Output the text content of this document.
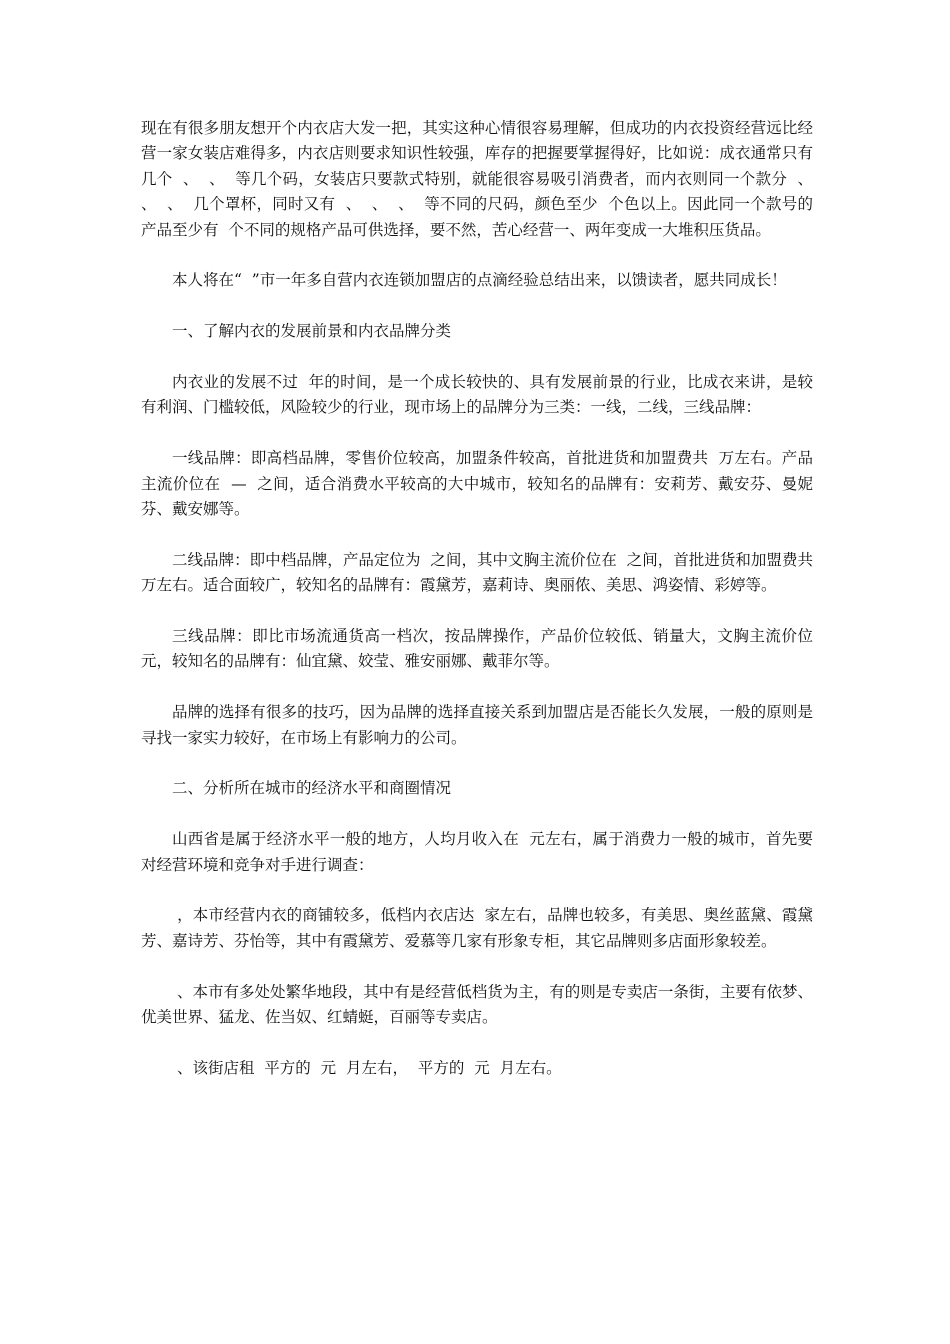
现在有很多朋友想开个内衣店大发一把，其实这种心情很容易理解，但成功的内衣投资经营远比经营一家女装店难得多，内衣店则要求知识性较强，库存的把握要掌握得好，比如说：成衣通常只有几个  、  、  等几个码，女装店只要款式特别，就能很容易吸引消费者，而内衣则同一个款分  、  、  、  几个罩杯，同时又有  、  、  、  等不同的尺码，颜色至少  个色以上。因此同一个款号的产品至少有  个不同的规格产品可供选择，要不然，苦心经营一、两年变成一大堆积压货品。

本人将在“  ”市一年多自营内衣连锁加盟店的点滴经验总结出来，以馈读者，愿共同成长！

一、了解内衣的发展前景和内衣品牌分类

内衣业的发展不过  年的时间，是一个成长较快的、具有发展前景的行业，比成衣来讲，是较有利润、门槛较低，风险较少的行业，现市场上的品牌分为三类：一线，二线，三线品牌：

一线品牌：即高档品牌，零售价位较高，加盟条件较高，首批进货和加盟费共  万左右。产品主流价位在  —  之间，适合消费水平较高的大中城市，较知名的品牌有：安莉芳、戴安芬、曼妮芬、戴安娜等。

二线品牌：即中档品牌，产品定位为  之间，其中文胸主流价位在  之间，首批进货和加盟费共  万左右。适合面较广，较知名的品牌有：霞黛芳，嘉莉诗、奥丽侬、美思、鸿姿情、彩婷等。

三线品牌：即比市场流通货高一档次，按品牌操作，产品价位较低、销量大，文胸主流价位  元，较知名的品牌有：仙宜黛、姣莹、雅安丽娜、戴菲尔等。

品牌的选择有很多的技巧，因为品牌的选择直接关系到加盟店是否能长久发展，一般的原则是寻找一家实力较好，在市场上有影响力的公司。

二、分析所在城市的经济水平和商圈情况

山西省是属于经济水平一般的地方，人均月收入在  元左右，属于消费力一般的城市，首先要对经营环境和竞争对手进行调查：

，本市经营内衣的商铺较多，低档内衣店达  家左右，品牌也较多，有美思、奥丝蓝黛、霞黛芳、嘉诗芳、芬怡等，其中有霞黛芳、爱慕等几家有形象专柜，其它品牌则多店面形象较差。

、本市有多处处繁华地段，其中有是经营低档货为主，有的则是专卖店一条街，主要有依梦、优美世界、猛龙、佐当奴、红蜻蜓，百丽等专卖店。

、该街店租  平方的  元  月左右，  平方的  元  月左右。
